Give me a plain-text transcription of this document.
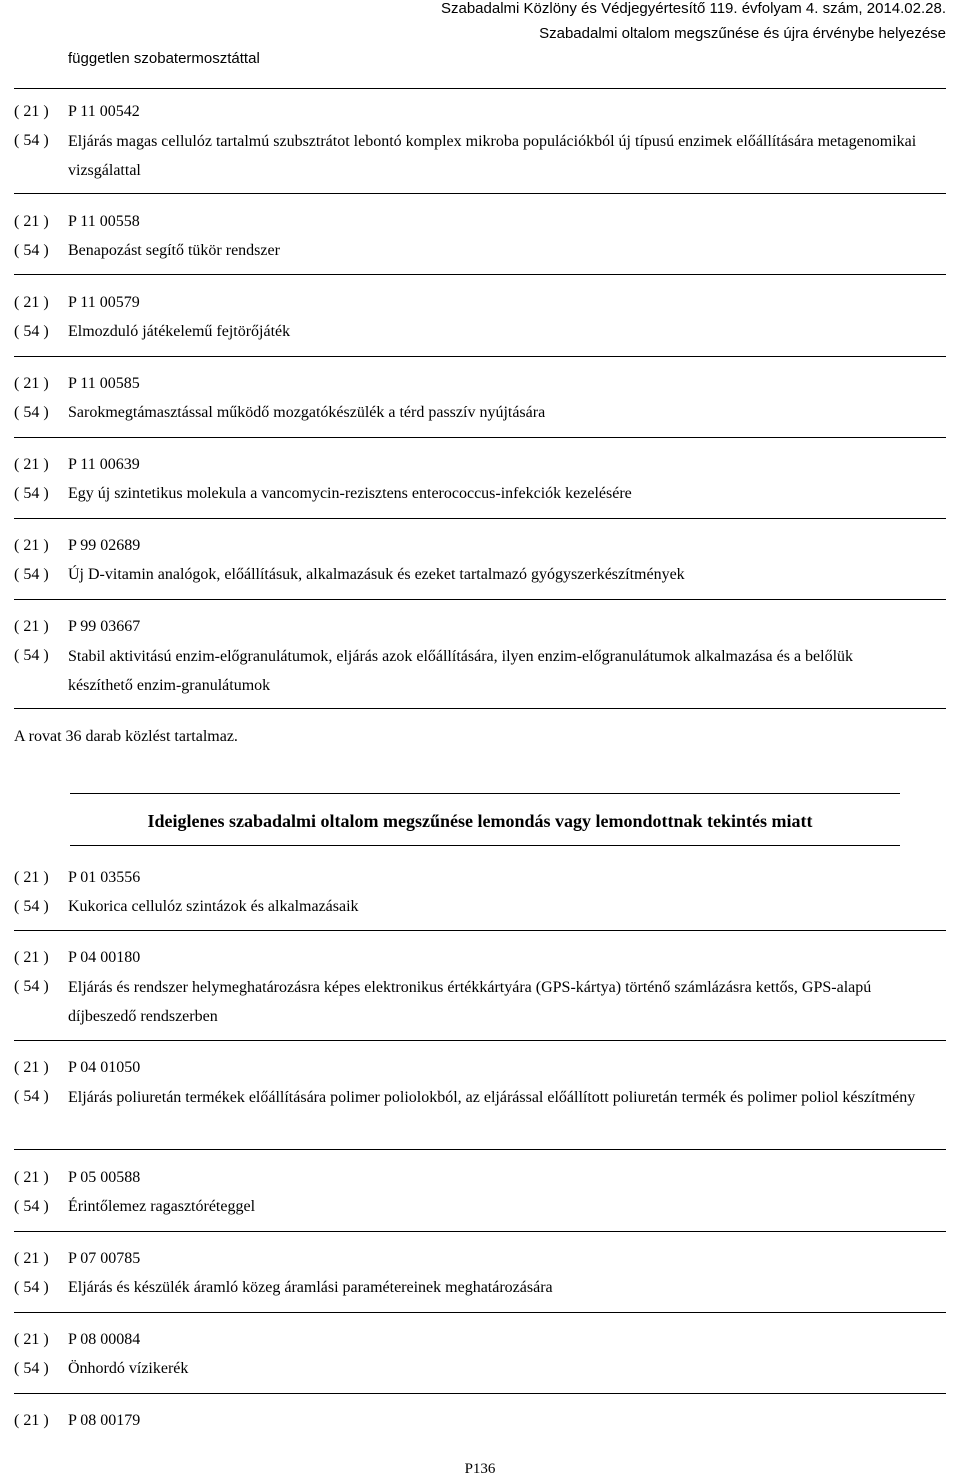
Szabadalmi Közlöny és Védjegyértesítő 119. évfolyam 4. szám, 2014.02.28.
Szabadalmi oltalom megszűnése és újra érvénybe helyezése
független szobatermosztáttal
( 21 ) P 11 00542
( 54 ) Eljárás magas cellulóz tartalmú szubsztrátot lebontó komplex mikroba populációkból új típusú enzimek előállítására metagenomikai vizsgálattal
( 21 ) P 11 00558
( 54 ) Benapozást segítő tükör rendszer
( 21 ) P 11 00579
( 54 ) Elmozduló játékelemű fejtörőjáték
( 21 ) P 11 00585
( 54 ) Sarokmegtámasztással működő mozgatókészülék a térd passzív nyújtására
( 21 ) P 11 00639
( 54 ) Egy új szintetikus molekula a vancomycin-rezisztens enterococcus-infekciók kezelésére
( 21 ) P 99 02689
( 54 ) Új D-vitamin analógok, előállításuk, alkalmazásuk és ezeket tartalmazó gyógyszerkészítmények
( 21 ) P 99 03667
( 54 ) Stabil aktivitású enzim-előgranulátumok, eljárás azok előállítására, ilyen enzim-előgranulátumok alkalmazása és a belőlük készíthető enzim-granulátumok
A rovat 36 darab közlést tartalmaz.
Ideiglenes szabadalmi oltalom megszűnése lemondás vagy lemondottnak tekintés miatt
( 21 ) P 01 03556
( 54 ) Kukorica cellulóz szintázok és alkalmazásaik
( 21 ) P 04 00180
( 54 ) Eljárás és rendszer helymeghatározásra képes elektronikus értékkártyára (GPS-kártya) történő számlázásra kettős, GPS-alapú díjbeszedő rendszerben
( 21 ) P 04 01050
( 54 ) Eljárás poliuretán termékek előállítására polimer poliolokból, az eljárással előállított poliuretán termék és polimer poliol készítmény
( 21 ) P 05 00588
( 54 ) Érintőlemez ragasztóréteggel
( 21 ) P 07 00785
( 54 ) Eljárás és készülék áramló közeg áramlási paramétereinek meghatározására
( 21 ) P 08 00084
( 54 ) Önhordó vízikerék
( 21 ) P 08 00179
P136
